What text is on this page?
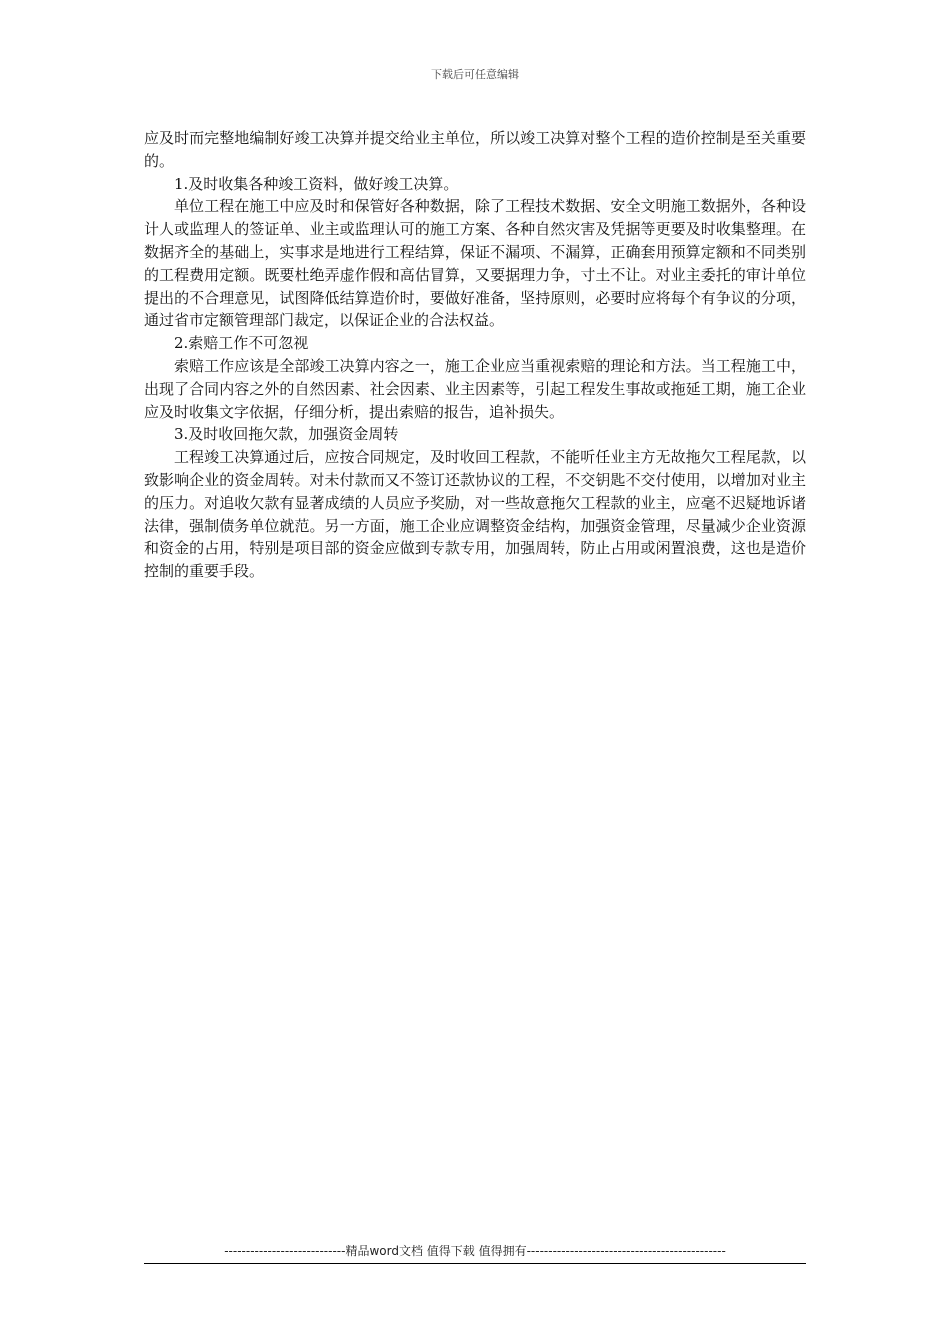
下载后可任意编辑

应及时而完整地编制好竣工决算并提交给业主单位，所以竣工决算对整个工程的造价控制是至关重要的。

1.及时收集各种竣工资料，做好竣工决算。

单位工程在施工中应及时和保管好各种数据，除了工程技术数据、安全文明施工数据外，各种设计人或监理人的签证单、业主或监理认可的施工方案、各种自然灾害及凭据等更要及时收集整理。在数据齐全的基础上，实事求是地进行工程结算，保证不漏项、不漏算，正确套用预算定额和不同类别的工程费用定额。既要杜绝弄虚作假和高估冒算，又要据理力争，寸土不让。对业主委托的审计单位提出的不合理意见，试图降低结算造价时，要做好准备，坚持原则，必要时应将每个有争议的分项，通过省市定额管理部门裁定，以保证企业的合法权益。

2.索赔工作不可忽视

索赔工作应该是全部竣工决算内容之一，施工企业应当重视索赔的理论和方法。当工程施工中，出现了合同内容之外的自然因素、社会因素、业主因素等，引起工程发生事故或拖延工期，施工企业应及时收集文字依据，仔细分析，提出索赔的报告，追补损失。

3.及时收回拖欠款，加强资金周转

工程竣工决算通过后，应按合同规定，及时收回工程款，不能听任业主方无故拖欠工程尾款，以致影响企业的资金周转。对未付款而又不签订还款协议的工程，不交钥匙不交付使用，以增加对业主的压力。对追收欠款有显著成绩的人员应予奖励，对一些故意拖欠工程款的业主，应毫不迟疑地诉诸法律，强制债务单位就范。另一方面，施工企业应调整资金结构，加强资金管理，尽量减少企业资源和资金的占用，特别是项目部的资金应做到专款专用，加强周转，防止占用或闲置浪费，这也是造价控制的重要手段。

----------------------------精品word文档 值得下载 值得拥有----------------------------------------------
